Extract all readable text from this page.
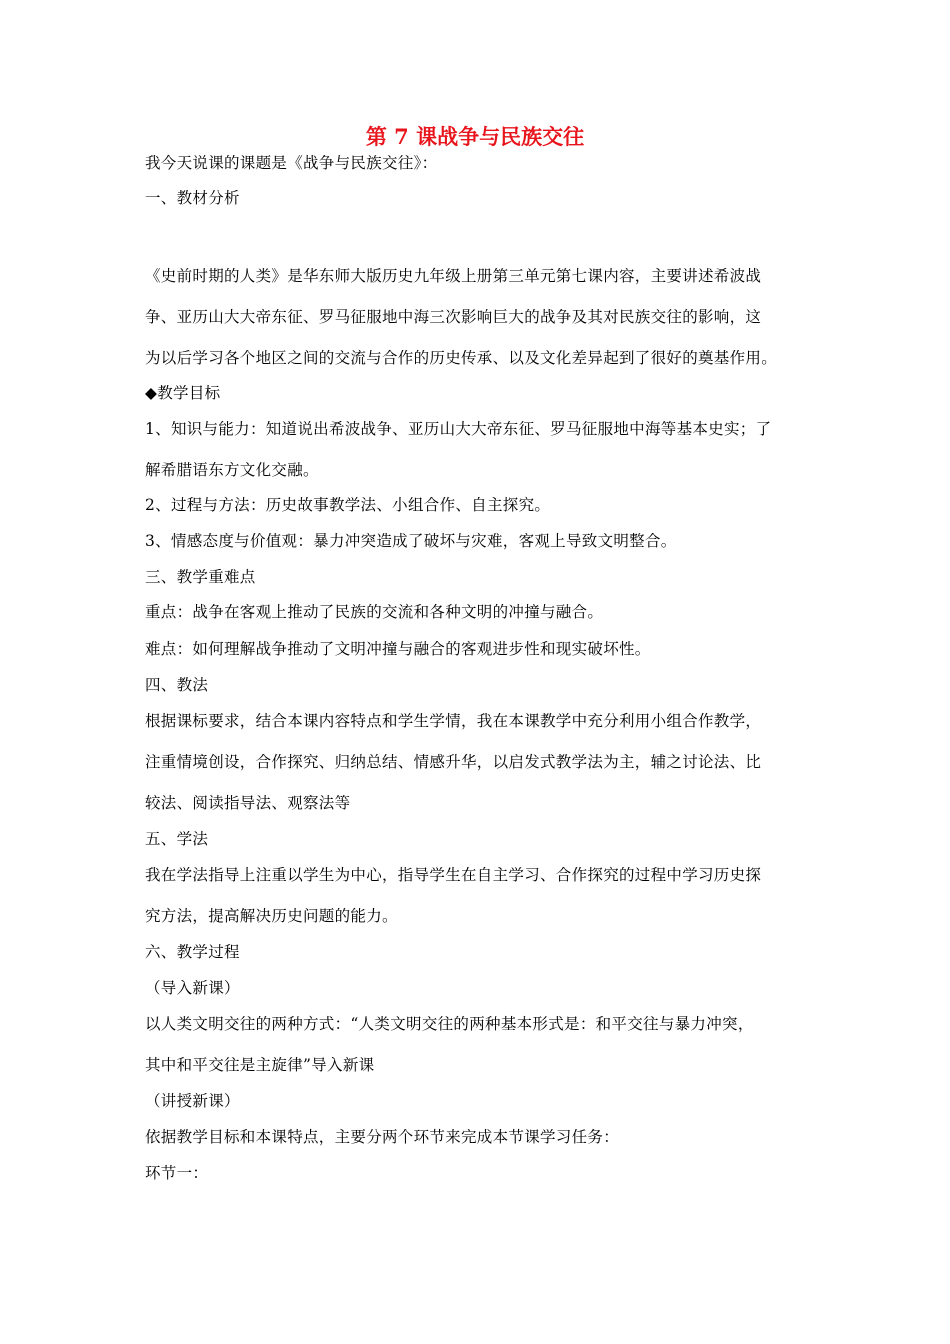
第 7 课战争与民族交往
我今天说课的课题是《战争与民族交往》：
一、教材分析
《史前时期的人类》是华东师大版历史九年级上册第三单元第七课内容，主要讲述希波战
争、亚历山大大帝东征、罗马征服地中海三次影响巨大的战争及其对民族交往的影响，这
为以后学习各个地区之间的交流与合作的历史传承、以及文化差异起到了很好的奠基作用。
◆教学目标
1、知识与能力：知道说出希波战争、亚历山大大帝东征、罗马征服地中海等基本史实；了
解希腊语东方文化交融。
2、过程与方法：历史故事教学法、小组合作、自主探究。
3、情感态度与价值观：暴力冲突造成了破坏与灾难，客观上导致文明整合。
三、教学重难点
重点：战争在客观上推动了民族的交流和各种文明的冲撞与融合。
难点：如何理解战争推动了文明冲撞与融合的客观进步性和现实破坏性。
四、教法
根据课标要求，结合本课内容特点和学生学情，我在本课教学中充分利用小组合作教学，
注重情境创设，合作探究、归纳总结、情感升华，以启发式教学法为主，辅之讨论法、比
较法、阅读指导法、观察法等
五、学法
我在学法指导上注重以学生为中心，指导学生在自主学习、合作探究的过程中学习历史探
究方法，提高解决历史问题的能力。
六、教学过程
（导入新课）
以人类文明交往的两种方式：“人类文明交往的两种基本形式是：和平交往与暴力冲突，
其中和平交往是主旋律”导入新课
（讲授新课）
依据教学目标和本课特点，主要分两个环节来完成本节课学习任务：
环节一：
